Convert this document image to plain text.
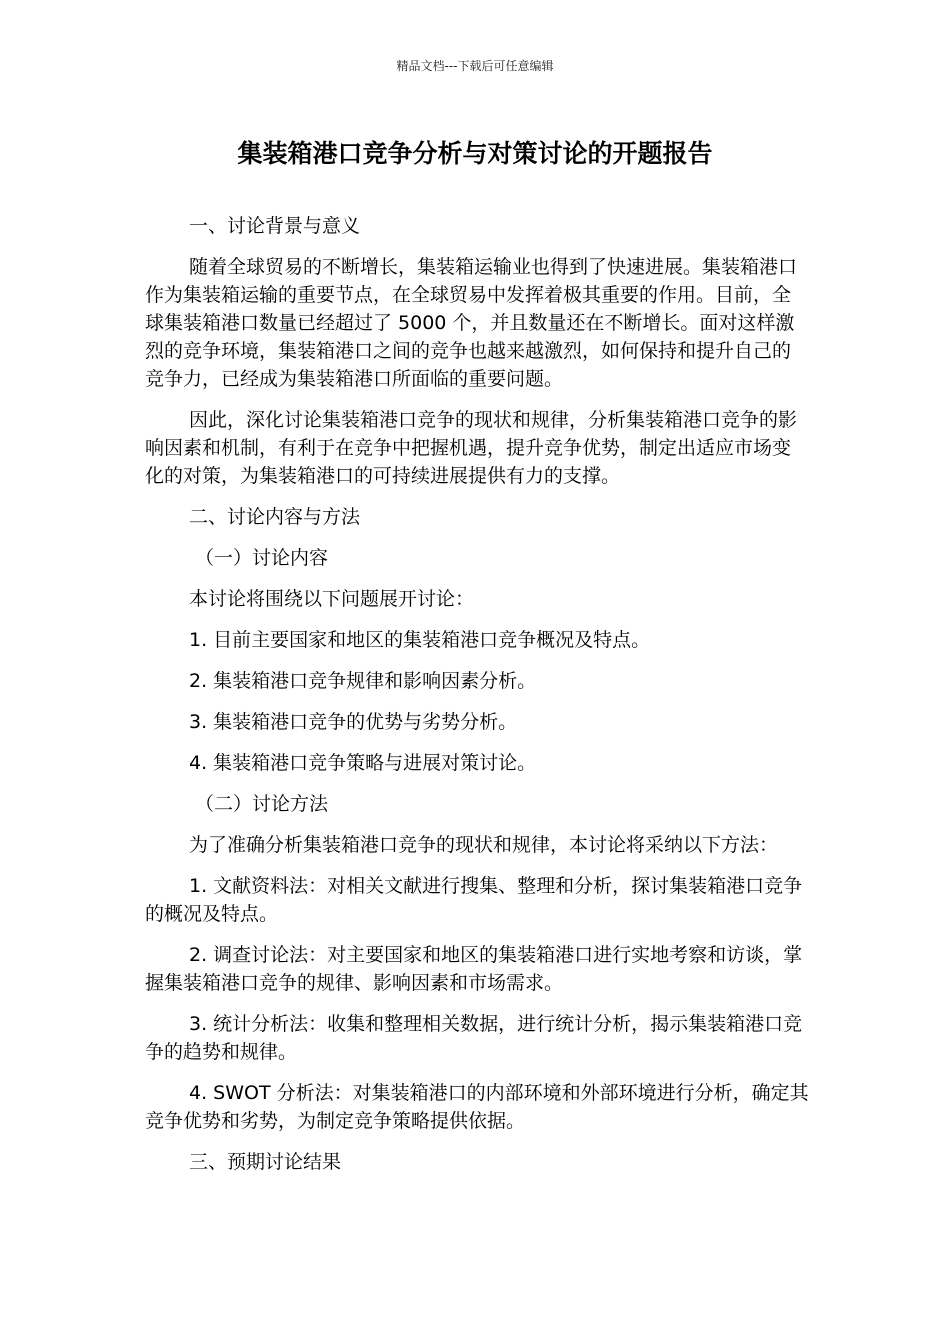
精品文档---下载后可任意编辑
集装箱港口竞争分析与对策讨论的开题报告

一、讨论背景与意义

随着全球贸易的不断增长，集装箱运输业也得到了快速进展。集装箱港口作为集装箱运输的重要节点，在全球贸易中发挥着极其重要的作用。目前，全球集装箱港口数量已经超过了 5000 个，并且数量还在不断增长。面对这样激烈的竞争环境，集装箱港口之间的竞争也越来越激烈，如何保持和提升自己的竞争力，已经成为集装箱港口所面临的重要问题。

因此，深化讨论集装箱港口竞争的现状和规律，分析集装箱港口竞争的影响因素和机制，有利于在竞争中把握机遇，提升竞争优势，制定出适应市场变化的对策，为集装箱港口的可持续进展提供有力的支撑。

二、讨论内容与方法

（一）讨论内容

本讨论将围绕以下问题展开讨论：

1. 目前主要国家和地区的集装箱港口竞争概况及特点。

2. 集装箱港口竞争规律和影响因素分析。

3. 集装箱港口竞争的优势与劣势分析。

4. 集装箱港口竞争策略与进展对策讨论。

（二）讨论方法

为了准确分析集装箱港口竞争的现状和规律，本讨论将采纳以下方法：

1. 文献资料法：对相关文献进行搜集、整理和分析，探讨集装箱港口竞争的概况及特点。

2. 调查讨论法：对主要国家和地区的集装箱港口进行实地考察和访谈，掌握集装箱港口竞争的规律、影响因素和市场需求。

3. 统计分析法：收集和整理相关数据，进行统计分析，揭示集装箱港口竞争的趋势和规律。

4. SWOT 分析法：对集装箱港口的内部环境和外部环境进行分析，确定其竞争优势和劣势，为制定竞争策略提供依据。

三、预期讨论结果
